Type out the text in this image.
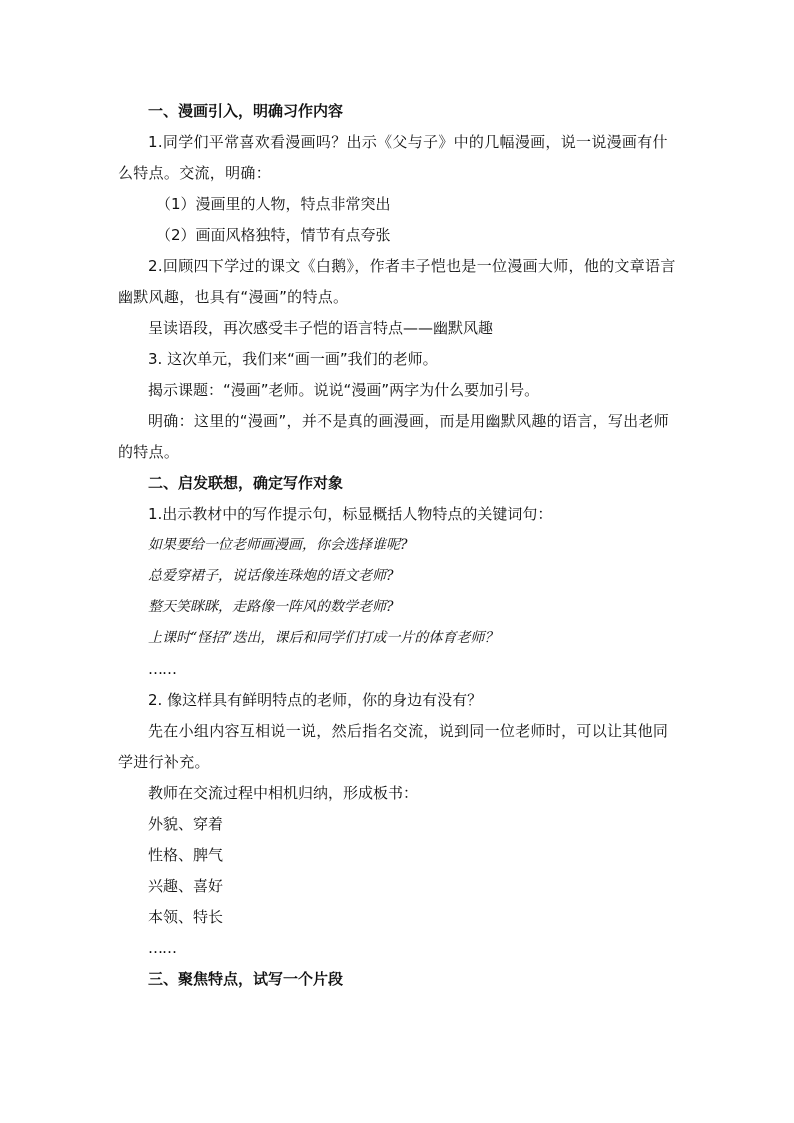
一、漫画引入，明确习作内容
1.同学们平常喜欢看漫画吗？出示《父与子》中的几幅漫画，说一说漫画有什么特点。交流，明确：
（1）漫画里的人物，特点非常突出
（2）画面风格独特，情节有点夸张
2.回顾四下学过的课文《白鹅》，作者丰子恺也是一位漫画大师，他的文章语言幽默风趣，也具有“漫画”的特点。
呈读语段，再次感受丰子恺的语言特点——幽默风趣
3. 这次单元，我们来“画一画”我们的老师。
揭示课题：“漫画”老师。说说“漫画”两字为什么要加引号。
明确：这里的“漫画”，并不是真的画漫画，而是用幽默风趣的语言，写出老师的特点。
二、启发联想，确定写作对象
1.出示教材中的写作提示句，标显概括人物特点的关键词句：
如果要给一位老师画漫画，你会选择谁呢?
总爱穿裙子，说话像连珠炮的语文老师?
整天笑眯眯，走路像一阵风的数学老师?
上课时“怪招”迭出，课后和同学们打成一片的体育老师？
……
2. 像这样具有鲜明特点的老师，你的身边有没有？
先在小组内容互相说一说，然后指名交流，说到同一位老师时，可以让其他同学进行补充。
教师在交流过程中相机归纳，形成板书：
外貌、穿着
性格、脾气
兴趣、喜好
本领、特长
……
三、聚焦特点，试写一个片段
